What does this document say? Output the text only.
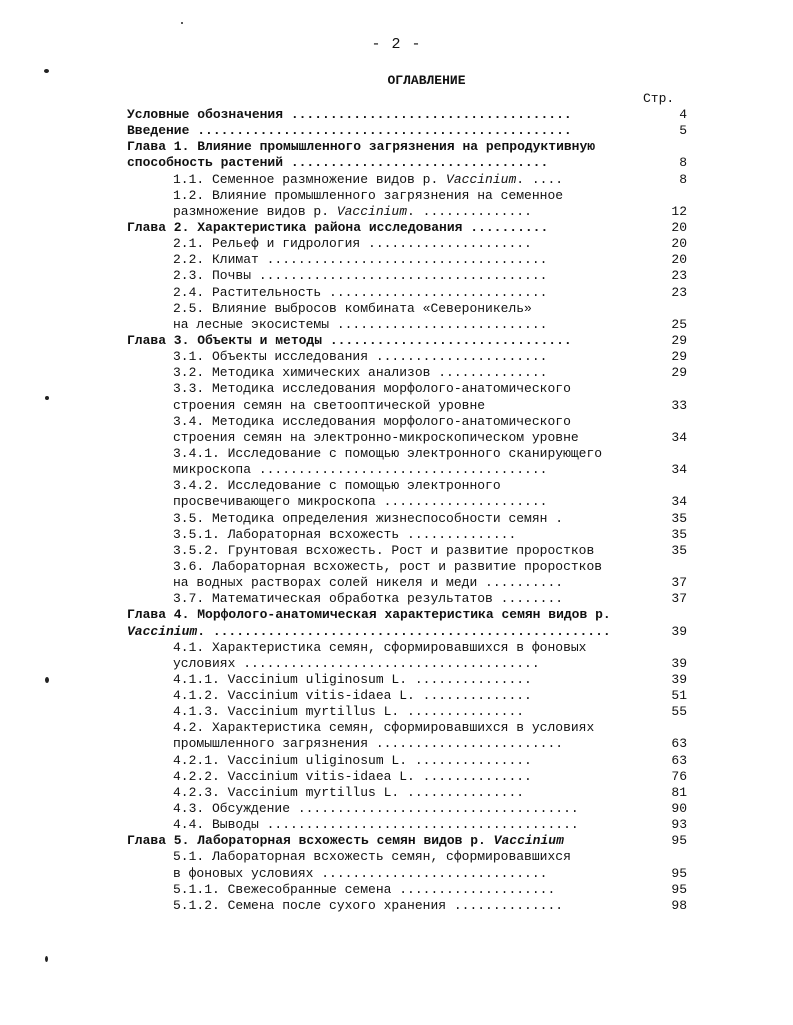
- 2 -
ОГЛАВЛЕНИЕ
Стр.
Условные обозначения ....................................	4
Введение ................................................	5
Глава 1. Влияние промышленного загрязнения на репродуктивную
способность растений .................................	8
1.1. Семенное размножение видов р. Vaccinium. ....	8
1.2. Влияние промышленного загрязнения на семенное
размножение видов р. Vaccinium. ..............	12
Глава 2. Характеристика района исследования ..........	20
2.1. Рельеф и гидрология .....................	20
2.2. Климат ....................................	20
2.3. Почвы .....................................	23
2.4. Растительность ............................	23
2.5. Влияние выбросов комбината «Североникель»
на лесные экосистемы ...........................	25
Глава 3. Объекты и методы ...............................	29
3.1. Объекты исследования ......................	29
3.2. Методика химических анализов ..............	29
3.3. Методика исследования морфолого-анатомического
строения семян на светооптической уровне	33
3.4. Методика исследования морфолого-анатомического
строения семян на электронно-микроскопическом уровне	34
3.4.1. Исследование с помощью электронного сканирующего
микроскопа .....................................	34
3.4.2. Исследование с помощью электронного
просвечивающего микроскопа .....................	34
3.5. Методика определения жизнеспособности семян .	35
3.5.1. Лабораторная всхожесть ..............	35
3.5.2. Грунтовая всхожесть. Рост и развитие проростков	35
3.6. Лабораторная всхожесть, рост и развитие проростков
на водных растворах солей никеля и меди ..........	37
3.7. Математическая обработка результатов ........	37
Глава 4. Морфолого-анатомическая характеристика семян видов р.
Vaccinium. ...................................................	39
4.1. Характеристика семян, сформировавшихся в фоновых
условиях ......................................	39
4.1.1. Vaccinium uliginosum L. ...............	39
4.1.2. Vaccinium vitis-idaea L. ..............	51
4.1.3. Vaccinium myrtillus L. ...............	55
4.2. Характеристика семян, сформировавшихся в условиях
промышленного загрязнения ........................	63
4.2.1. Vaccinium uliginosum L. ...............	63
4.2.2. Vaccinium vitis-idaea L. ..............	76
4.2.3. Vaccinium myrtillus L. ...............	81
4.3. Обсуждение ....................................	90
4.4. Выводы ........................................	93
Глава 5. Лабораторная всхожесть семян видов р. Vaccinium	95
5.1. Лабораторная всхожесть семян, сформировавшихся
в фоновых условиях .............................	95
5.1.1. Свежесобранные семена ....................	95
5.1.2. Семена после сухого хранения ..............	98
